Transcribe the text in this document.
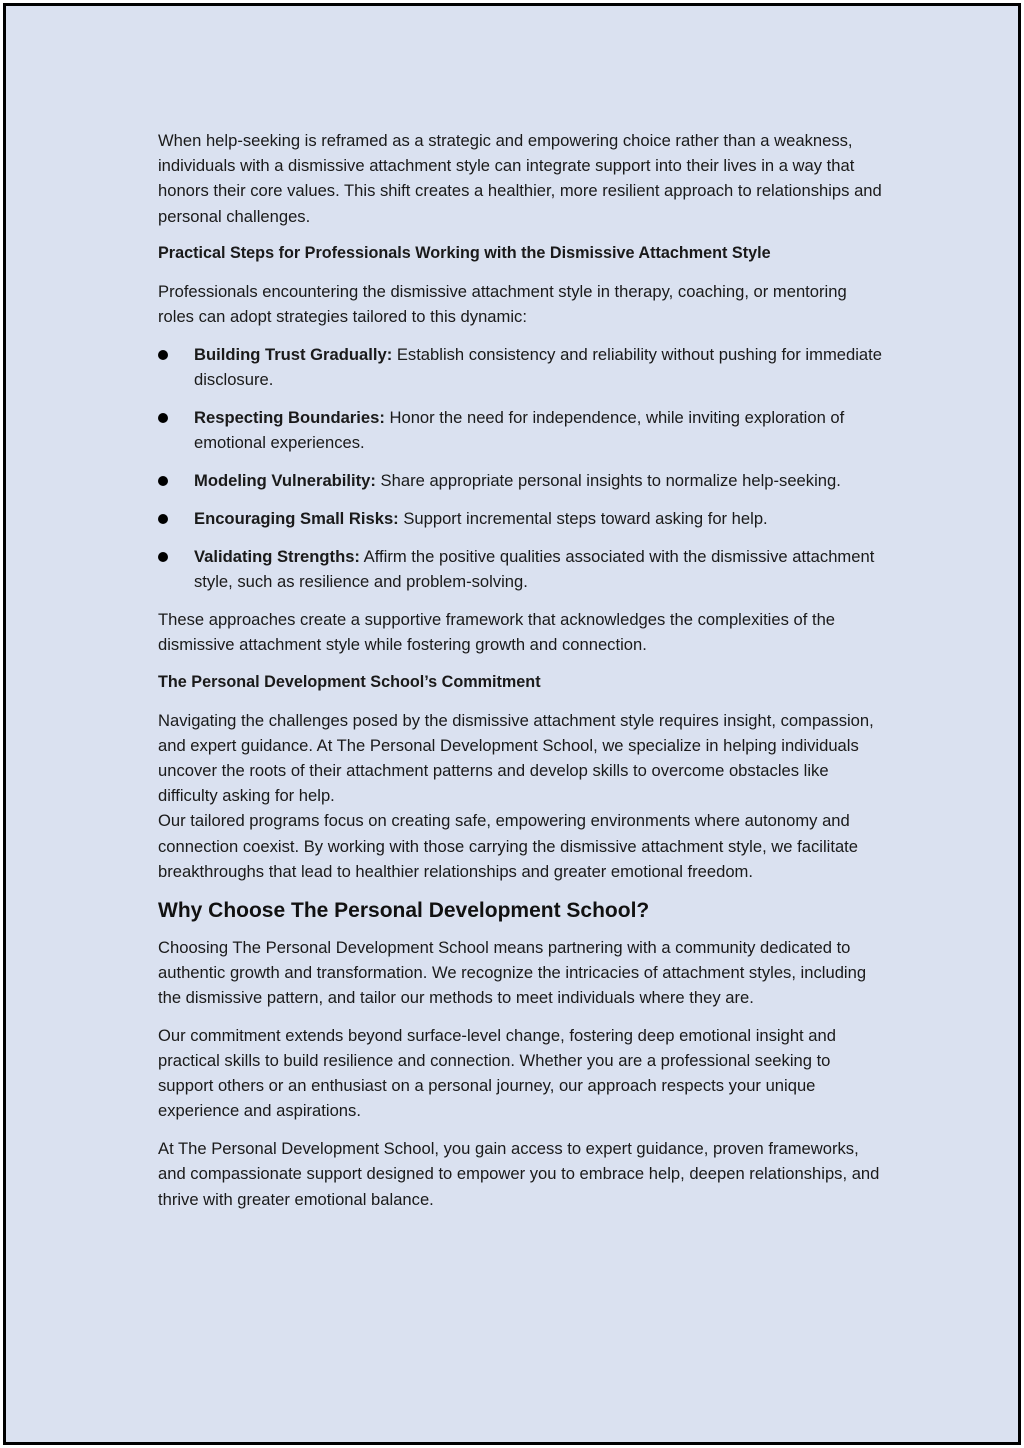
When help-seeking is reframed as a strategic and empowering choice rather than a weakness, individuals with a dismissive attachment style can integrate support into their lives in a way that honors their core values. This shift creates a healthier, more resilient approach to relationships and personal challenges.

Practical Steps for Professionals Working with the Dismissive Attachment Style

Professionals encountering the dismissive attachment style in therapy, coaching, or mentoring roles can adopt strategies tailored to this dynamic:

Building Trust Gradually: Establish consistency and reliability without pushing for immediate disclosure.
Respecting Boundaries: Honor the need for independence, while inviting exploration of emotional experiences.
Modeling Vulnerability: Share appropriate personal insights to normalize help-seeking.
Encouraging Small Risks: Support incremental steps toward asking for help.
Validating Strengths: Affirm the positive qualities associated with the dismissive attachment style, such as resilience and problem-solving.

These approaches create a supportive framework that acknowledges the complexities of the dismissive attachment style while fostering growth and connection.

The Personal Development School’s Commitment

Navigating the challenges posed by the dismissive attachment style requires insight, compassion, and expert guidance. At The Personal Development School, we specialize in helping individuals uncover the roots of their attachment patterns and develop skills to overcome obstacles like difficulty asking for help.

Our tailored programs focus on creating safe, empowering environments where autonomy and connection coexist. By working with those carrying the dismissive attachment style, we facilitate breakthroughs that lead to healthier relationships and greater emotional freedom.

Why Choose The Personal Development School?

Choosing The Personal Development School means partnering with a community dedicated to authentic growth and transformation. We recognize the intricacies of attachment styles, including the dismissive pattern, and tailor our methods to meet individuals where they are.

Our commitment extends beyond surface-level change, fostering deep emotional insight and practical skills to build resilience and connection. Whether you are a professional seeking to support others or an enthusiast on a personal journey, our approach respects your unique experience and aspirations.

At The Personal Development School, you gain access to expert guidance, proven frameworks, and compassionate support designed to empower you to embrace help, deepen relationships, and thrive with greater emotional balance.
